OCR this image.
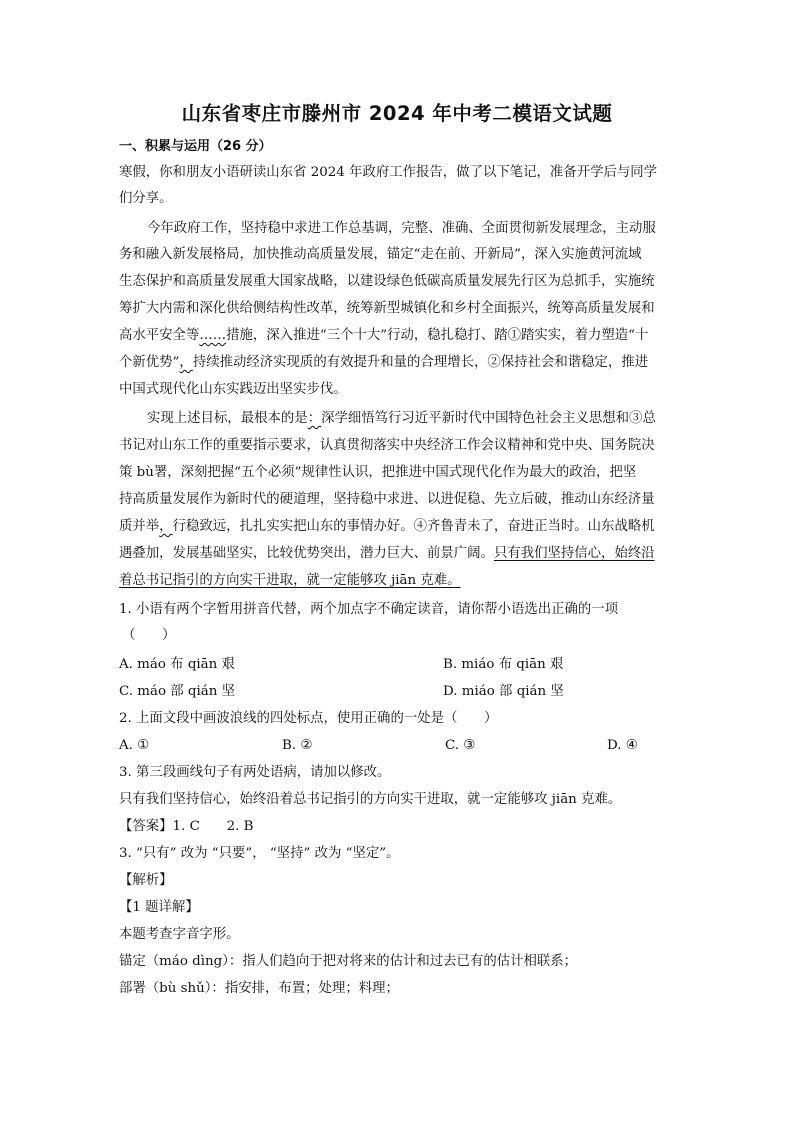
山东省枣庄市滕州市 2024 年中考二模语文试题
一、积累与运用（26 分）
寒假，你和朋友小语研读山东省 2024 年政府工作报告，做了以下笔记，准备开学后与同学
们分享。
今年政府工作，坚持稳中求进工作总基调，完整、准确、全面贯彻新发展理念，主动服
务和融入新发展格局，加快推动高质量发展，锚定“走在前、开新局”，深入实施黄河流域
生态保护和高质量发展重大国家战略，以建设绿色低碳高质量发展先行区为总抓手，实施统
筹扩大内需和深化供给侧结构性改革，统筹新型城镇化和乡村全面振兴，统筹高质量发展和
高水平安全等……措施，深入推进“三个十大”行动，稳扎稳打、踏①踏实实，着力塑造“十
个新优势”，持续推动经济实现质的有效提升和量的合理增长，②保持社会和谐稳定，推进
中国式现代化山东实践迈出坚实步伐。
实现上述目标，最根本的是：深学细悟笃行习近平新时代中国特色社会主义思想和③总
书记对山东工作的重要指示要求，认真贯彻落实中央经济工作会议精神和党中央、国务院决
策 bù署，深刻把握“五个必须”规律性认识，把推进中国式现代化作为最大的政治，把坚
持高质量发展作为新时代的硬道理，坚持稳中求进、以进促稳、先立后破，推动山东经济量
质并举，行稳致远，扎扎实实把山东的事情办好。④齐鲁青未了，奋进正当时。山东战略机
遇叠加，发展基础坚实，比较优势突出，潜力巨大、前景广阔。只有我们坚持信心，始终沿
着总书记指引的方向实干进取，就一定能够攻 jiān 克难。
1. 小语有两个字暂用拼音代替，两个加点字不确定读音，请你帮小语选出正确的一项
（　　）
A. máo 布 qiān 艰	B. miáo 布 qiān 艰
C. máo 部 qián 坚	D. miáo 部 qián 坚
2. 上面文段中画波浪线的四处标点，使用正确的一处是（　　）
A. ①	B. ②	C. ③	D. ④
3. 第三段画线句子有两处语病，请加以修改。
只有我们坚持信心，始终沿着总书记指引的方向实干进取，就一定能够攻 jiān 克难。
【答案】1. C　　2. B
3. “只有” 改为 “只要”， “坚持” 改为 “坚定”。
【解析】
【1 题详解】
本题考查字音字形。
锚定（máo dìng）：指人们趋向于把对将来的估计和过去已有的估计相联系；
部署（bù shǔ）：指安排，布置；处理；料理；
